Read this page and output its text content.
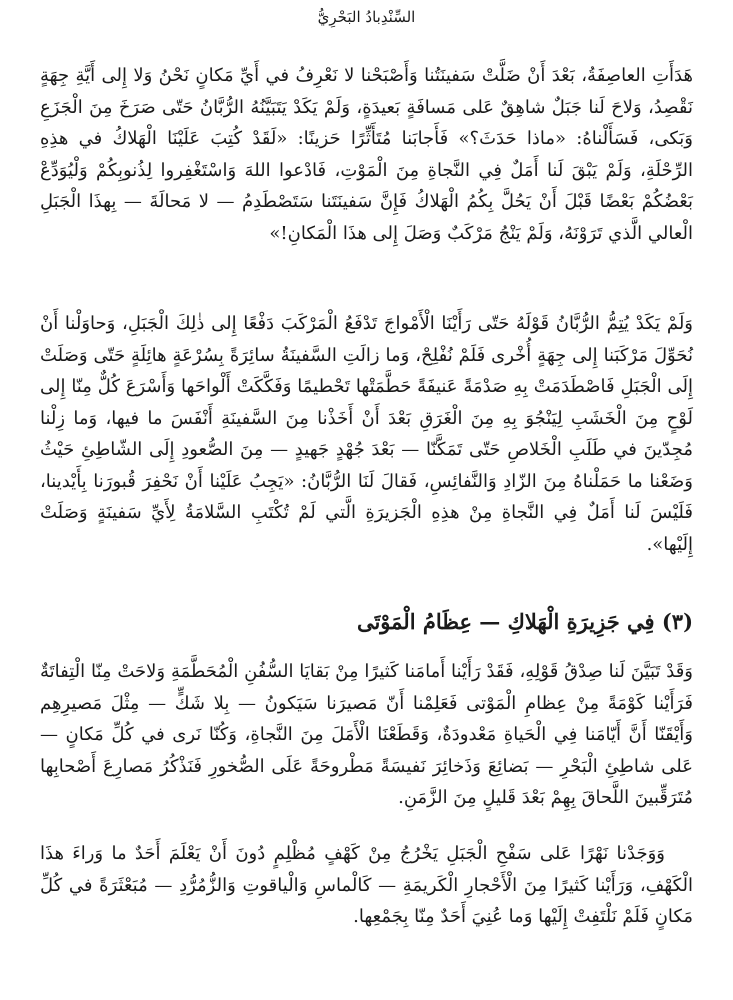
السِّنْدِبادُ البَحْرِيُّ

هَدَأَتِ العاصِفَةُ، بَعْدَ أَنْ ضَلَّتْ سَفينَتُنا وَأَصْبَحْنا لا نَعْرِفُ في أَيِّ مَكانٍ نَحْنُ وَلا إِلى أَيَّةِ جِهَةٍ نَقْصِدُ، وَلاحَ لَنا جَبَلٌ شاهِقٌ عَلى مَسافَةٍ بَعيدَةٍ، وَلَمْ يَكَدْ يَتَبَيَّنُهُ الرُّبَّانُ حَتّى صَرَخَ مِنَ الْجَزَعِ وَبَكى، فَسَأَلْناهُ: «ماذا حَدَثَ؟» فَأَجابَنا مُتَأَثِّرًا حَزينًا: «لَقَدْ كُتِبَ عَلَيْنَا الْهَلاكُ في هذِهِ الرِّحْلَةِ، وَلَمْ يَبْقَ لَنا أَمَلٌ فِي النَّجاةِ مِنَ الْمَوْتِ، فَادْعوا اللهَ وَاسْتَغْفِروا لِذُنوبِكُمْ وَلْيُوَدِّعْ بَعْضُكُمْ بَعْضًا قَبْلَ أَنْ يَحُلَّ بِكُمُ الْهَلاكُ فَإِنَّ سَفينَتَنا سَتَصْطَدِمُ — لا مَحالَةَ — بِهذَا الْجَبَلِ الْعالي الَّذي تَرَوْنَهُ، وَلَمْ يَنْجُ مَرْكَبٌ وَصَلَ إِلى هذَا الْمَكانِ!»

وَلَمْ يَكَدْ يُتِمُّ الرُّبَّانُ قَوْلَهُ حَتّى رَأَيْنَا الْأَمْواجَ تَدْفَعُ الْمَرْكَبَ دَفْعًا إِلى ذٰلِكَ الْجَبَلِ، وَحاوَلْنا أَنْ نُحَوِّلَ مَرْكَبَنا إِلى جِهَةٍ أُخْرى فَلَمْ نُفْلِحْ، وَما زالَتِ السَّفينَةُ سائِرَةً بِسُرْعَةٍ هائِلَةٍ حَتّى وَصَلَتْ إِلَى الْجَبَلِ فَاصْطَدَمَتْ بِهِ صَدْمَةً عَنيفَةً حَطَّمَتْها تَحْطيمًا وَفَكَّكَتْ أَلْواحَها وَأَسْرَعَ كُلٌّ مِنّا إِلى لَوْحٍ مِنَ الْخَشَبِ لِيَنْجُوَ بِهِ مِنَ الْغَرَقِ بَعْدَ أَنْ أَخَذْنا مِنَ السَّفينَةِ أَنْفَسَ ما فيها، وَما زِلْنا مُجِدّينَ في طَلَبِ الْخَلاصِ حَتّى تَمَكَّنّا — بَعْدَ جُهْدٍ جَهيدٍ — مِنَ الصُّعودِ إِلَى الشّاطِئِ حَيْثُ وَضَعْنا ما حَمَلْناهُ مِنَ الزّادِ وَالنَّفائِسِ، فَقالَ لَنَا الرُّبَّانُ: «يَجِبُ عَلَيْنا أَنْ نَحْفِرَ قُبورَنا بِأَيْدينا، فَلَيْسَ لَنا أَمَلٌ فِي النَّجاةِ مِنْ هذِهِ الْجَزيرَةِ الَّتي لَمْ تُكْتَبِ السَّلامَةُ لِأَيِّ سَفينَةٍ وَصَلَتْ إِلَيْها».

(٣) فِي جَزِيرَةِ الْهَلاكِ — عِظَامُ الْمَوْتَى

وَقَدْ تَبَيَّنَ لَنا صِدْقُ قَوْلِهِ، فَقَدْ رَأَيْنا أَمامَنا كَثيرًا مِنْ بَقايَا السُّفُنِ الْمُحَطَّمَةِ وَلاحَتْ مِنّا الْتِفاتَةٌ فَرَأَيْنا كَوْمَةً مِنْ عِظامِ الْمَوْتى فَعَلِمْنا أَنّ مَصيرَنا سَيَكونُ — بِلا شَكٍّ — مِثْلَ مَصيرِهِم وَأَيْقَنّا أَنَّ أَيّامَنا فِي الْحَياةِ مَعْدودَةٌ، وَقَطَعْنَا الْأَمَلَ مِنَ النَّجاةِ، وَكُنّا نَرى في كُلِّ مَكانٍ — عَلى شاطِئِ الْبَحْرِ — بَضائِعَ وَذَخائِرَ نَفيسَةً مَطْروحَةً عَلَى الصُّخورِ فَنَذْكُرُ مَصارِعَ أَصْحابِها مُتَرَقِّبينَ اللَّحاقَ بِهِمْ بَعْدَ قَليلٍ مِنَ الزَّمَنِ.

وَوَجَدْنا نَهْرًا عَلى سَفْحِ الْجَبَلِ يَخْرُجُ مِنْ كَهْفٍ مُظْلِمٍ دُونَ أَنْ يَعْلَمَ أَحَدٌ ما وَراءَ هذَا الْكَهْفِ، وَرَأَيْنا كَثيرًا مِنَ الْأَحْجارِ الْكَريمَةِ — كَالْماسِ وَالْياقوتِ وَالزُّمُرُّدِ — مُبَعْثَرَةً في كُلِّ مَكانٍ فَلَمْ نَلْتَفِتْ إِلَيْها وَما عُنِيَ أَحَدٌ مِنّا بِجَمْعِها.
